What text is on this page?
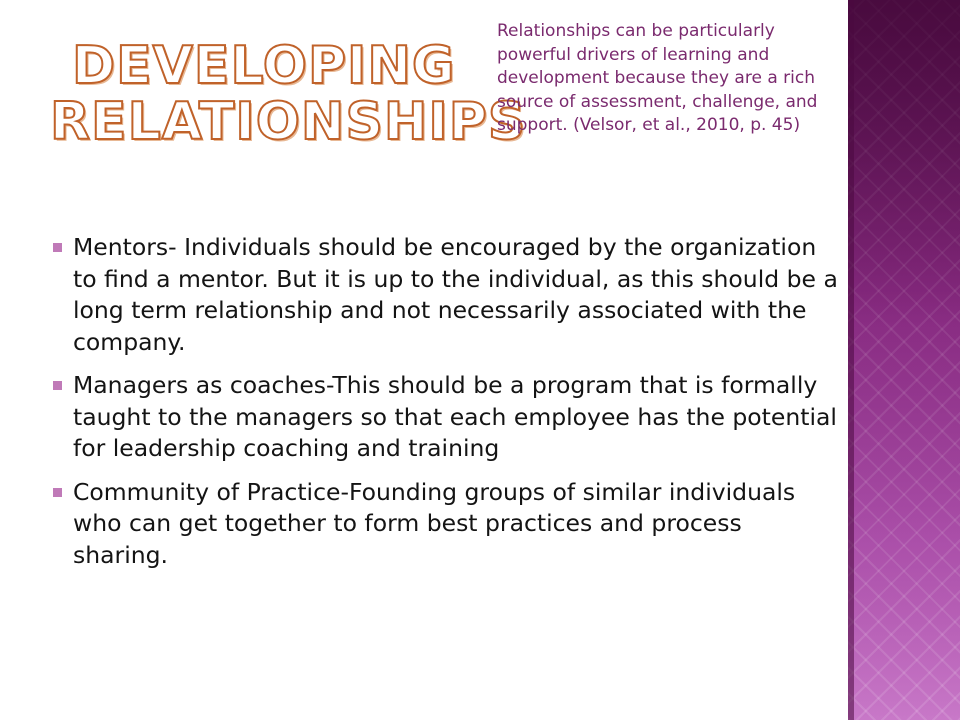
DEVELOPING
RELATIONSHIPS

Relationships can be particularly powerful drivers of learning and development because they are a rich source of assessment, challenge, and support. (Velsor, et al., 2010, p. 45)

Mentors- Individuals should be encouraged by the organization to find a mentor. But it is up to the individual, as this should be a long term relationship and not necessarily associated with the company.
Managers as coaches-This should be a program that is formally taught to the managers so that each employee has the potential for leadership coaching and training
Community of Practice-Founding groups of similar individuals who can get together to form best practices and process sharing.
